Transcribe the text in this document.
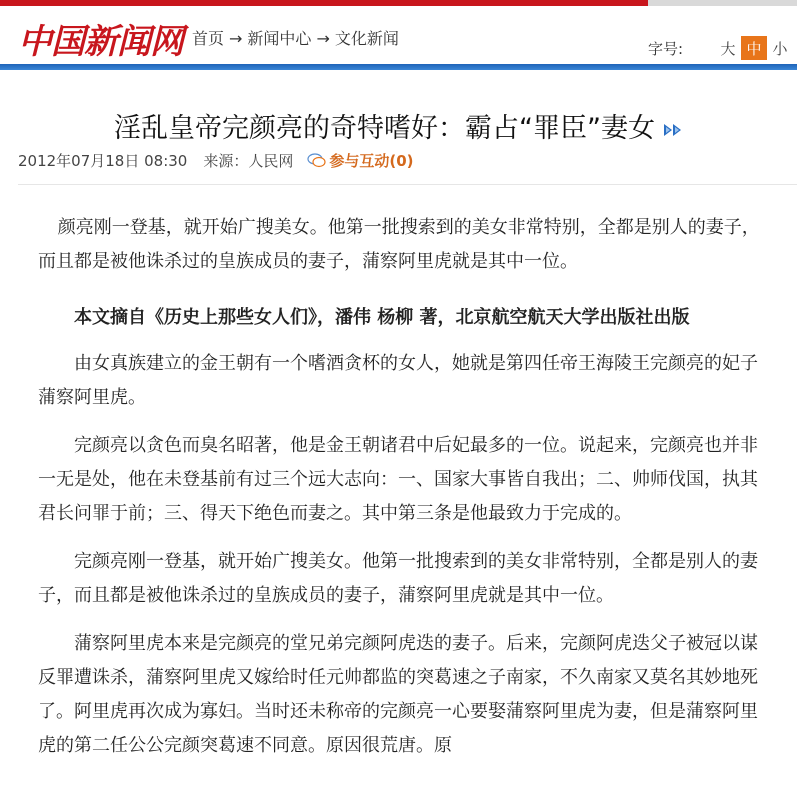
中国新闻网 首页 → 新闻中心 → 文化新闻
字号:	大 中 小
淫乱皇帝完颜亮的奇特嗜好：霸占“罪臣”妻女
2012年07月18日 08:30 来源： 人民网 参与互动(0)

颜亮刚一登基，就开始广搜美女。他第一批搜索到的美女非常特别，全都是别人的妻子，而且都是被他诛杀过的皇族成员的妻子，蒲察阿里虎就是其中一位。

本文摘自《历史上那些女人们》，潘伟 杨柳 著，北京航空航天大学出版社出版

由女真族建立的金王朝有一个嗜酒贪杯的女人，她就是第四任帝王海陵王完颜亮的妃子蒲察阿里虎。

完颜亮以贪色而臭名昭著，他是金王朝诸君中后妃最多的一位。说起来，完颜亮也并非一无是处，他在未登基前有过三个远大志向：一、国家大事皆自我出；二、帅师伐国，执其君长问罪于前；三、得天下绝色而妻之。其中第三条是他最致力于完成的。

完颜亮刚一登基，就开始广搜美女。他第一批搜索到的美女非常特别，全都是别人的妻子，而且都是被他诛杀过的皇族成员的妻子，蒲察阿里虎就是其中一位。

蒲察阿里虎本来是完颜亮的堂兄弟完颜阿虎迭的妻子。后来，完颜阿虎迭父子被冠以谋反罪遭诛杀，蒲察阿里虎又嫁给时任元帅都监的突葛速之子南家，不久南家又莫名其妙地死了。阿里虎再次成为寡妇。当时还未称帝的完颜亮一心要娶蒲察阿里虎为妻，但是蒲察阿里虎的第二任公公完颜突葛速不同意。原因很荒唐。原
